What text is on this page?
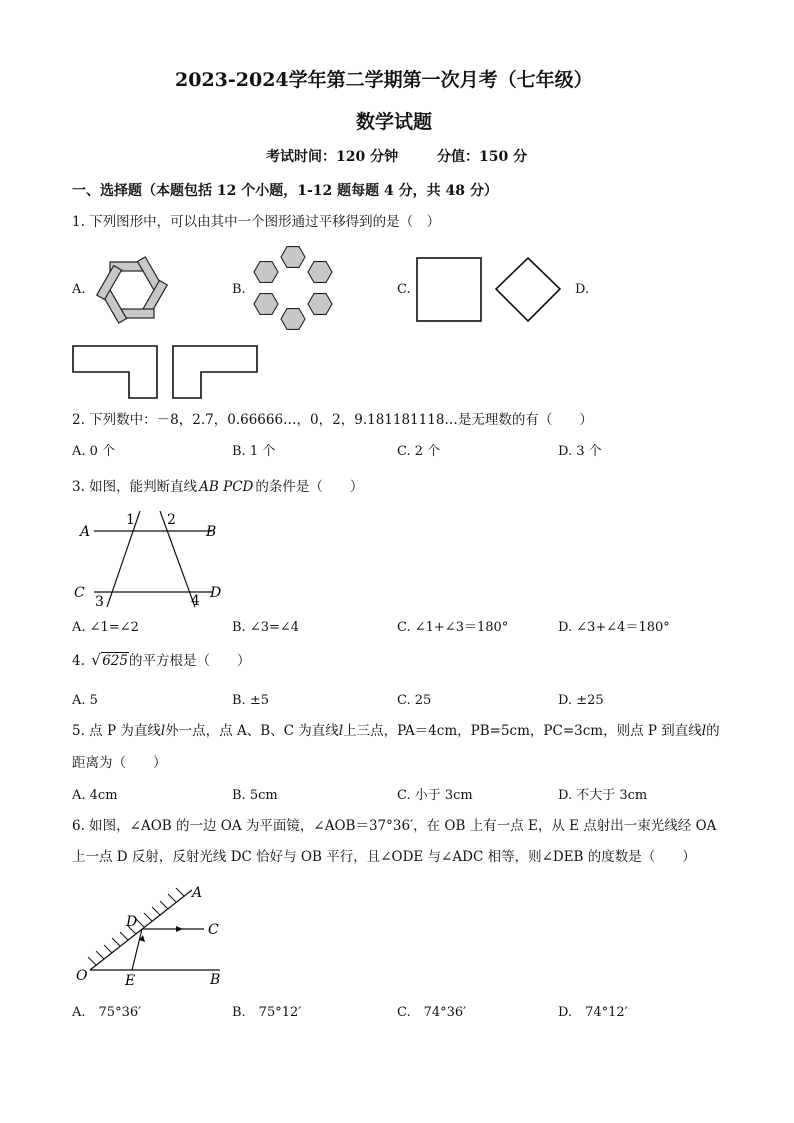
2023-2024学年第二学期第一次月考（七年级）
数学试题
考试时间：120 分钟	分值：150 分
一、选择题（本题包括 12 个小题，1-12 题每题 4 分，共 48 分）
1. 下列图形中，可以由其中一个图形通过平移得到的是（　）
A.	B.	C.	D.
2. 下列数中：－8，2.7，0.66666…，0，2，9.181181118…是无理数的有（　　）
A. 0 个	B. 1 个	C. 2 个	D. 3 个
3. 如图，能判断直线 AB PCD 的条件是（　　）
A	B
C	D
1 2
3	4
A. ∠1=∠2	B. ∠3=∠4	C. ∠1+∠3＝180°	D. ∠3+∠4＝180°
4. √ 625的平方根是（　　）
A. 5	B. ±5	C. 25	D. ±25
5. 点 P 为直线l外一点，点 A、B、C 为直线l上三点，PA＝4cm，PB=5cm，PC=3cm，则点 P 到直线l的
距离为（　　）
A. 4cm	B. 5cm	C. 小于 3cm	D. 不大于 3cm
6. 如图，∠AOB 的一边 OA 为平面镜，∠AOB＝37°36′，在 OB 上有一点 E，从 E 点射出一束光线经 OA
上一点 D 反射，反射光线 DC 恰好与 OB 平行，且∠ODE 与∠ADC 相等，则∠DEB 的度数是（　　）
A
D	C
O	E	B
A.　75°36′	B.　75°12′	C.　74°36′	D.　74°12′
